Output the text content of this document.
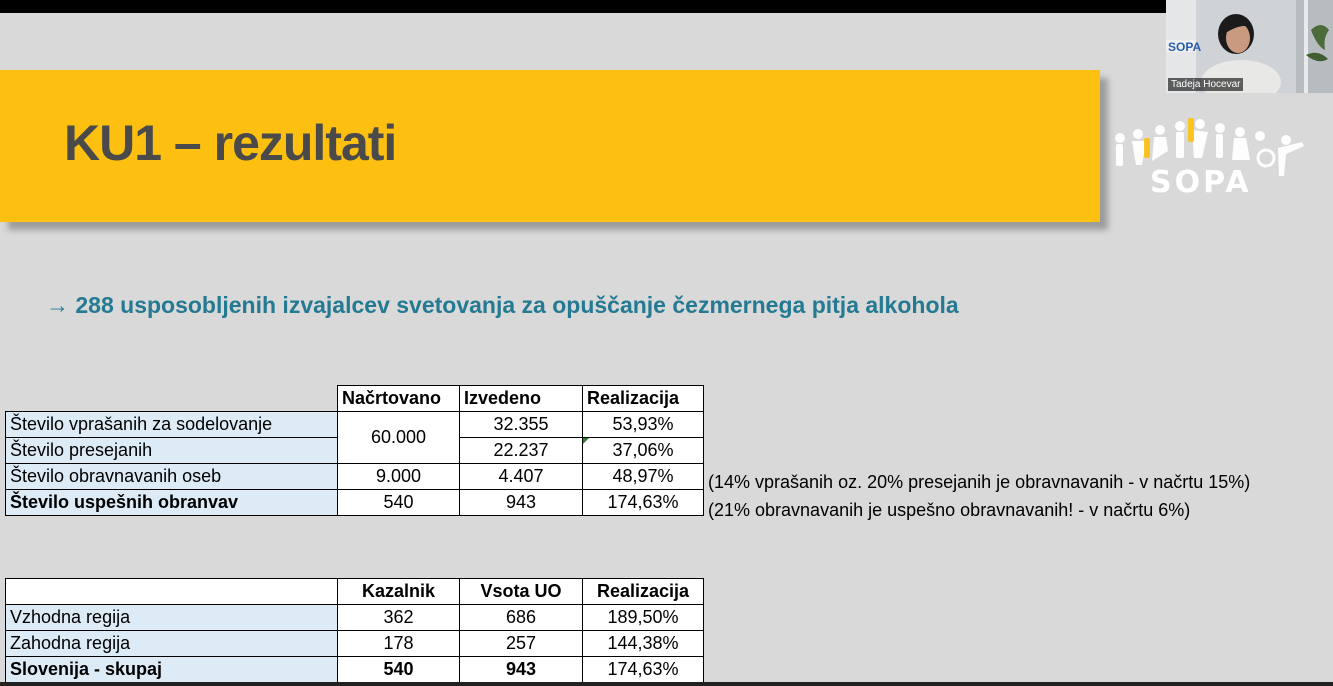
KU1 – rezultati
SOPA
→ 288 usposobljenih izvajalcev svetovanja za opuščanje čezmernega pitja alkohola
	Načrtovano	Izvedeno	Realizacija
Število vprašanih za sodelovanje	60.000	32.355	53,93%
Število presejanih		22.237	37,06%

Število obravnavanih oseb	9.000	4.407	48,97%
Število uspešnih obranvav	540	943	174,63%
(14% vprašanih oz. 20% presejanih je obravnavanih - v načrtu 15%)
(21% obravnavanih je uspešno obravnavanih! - v načrtu 6%)
	Kazalnik	Vsota UO	Realizacija
Vzhodna regija	362	686	189,50%
Zahodna regija	178	257	144,38%
Slovenija - skupaj	540	943	174,63%
SOPA
Tadeja Hocevar
